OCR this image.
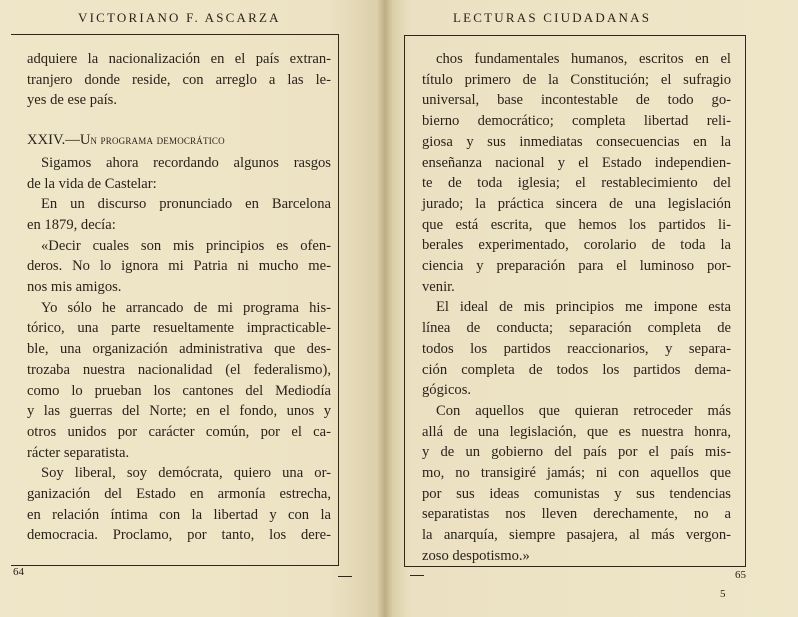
VICTORIANO F. ASCARZA	LECTURAS CIUDADANAS
adquiere la nacionalización en el país extran-
tranjero donde reside, con arreglo a las le-
yes de ese país.
XXIV.—Un programa democrático
Sigamos ahora recordando algunos rasgos
de la vida de Castelar:
En un discurso pronunciado en Barcelona
en 1879, decía:
«Decir cuales son mis principios es ofen-
deros. No lo ignora mi Patria ni mucho me-
nos mis amigos.
Yo sólo he arrancado de mi programa his-
tórico, una parte resueltamente impracticable-
ble, una organización administrativa que des-
trozaba nuestra nacionalidad (el federalismo),
como lo prueban los cantones del Mediodía
y las guerras del Norte; en el fondo, unos y
otros unidos por carácter común, por el ca-
rácter separatista.
Soy liberal, soy demócrata, quiero una or-
ganización del Estado en armonía estrecha,
en relación íntima con la libertad y con la
democracia. Proclamo, por tanto, los dere-
chos fundamentales humanos, escritos en el
título primero de la Constitución; el sufragio
universal, base incontestable de todo go-
bierno democrático; completa libertad reli-
giosa y sus inmediatas consecuencias en la
enseñanza nacional y el Estado independien-
te de toda iglesia; el restablecimiento del
jurado; la práctica sincera de una legislación
que está escrita, que hemos los partidos li-
berales experimentado, corolario de toda la
ciencia y preparación para el luminoso por-
venir.
El ideal de mis principios me impone esta
línea de conducta; separación completa de
todos los partidos reaccionarios, y separa-
ción completa de todos los partidos dema-
gógicos.
Con aquellos que quieran retroceder más
allá de una legislación, que es nuestra honra,
y de un gobierno del país por el país mis-
mo, no transigiré jamás; ni con aquellos que
por sus ideas comunistas y sus tendencias
separatistas nos lleven derechamente, no a
la anarquía, siempre pasajera, al más vergon-
zoso despotismo.»
64	65
5
